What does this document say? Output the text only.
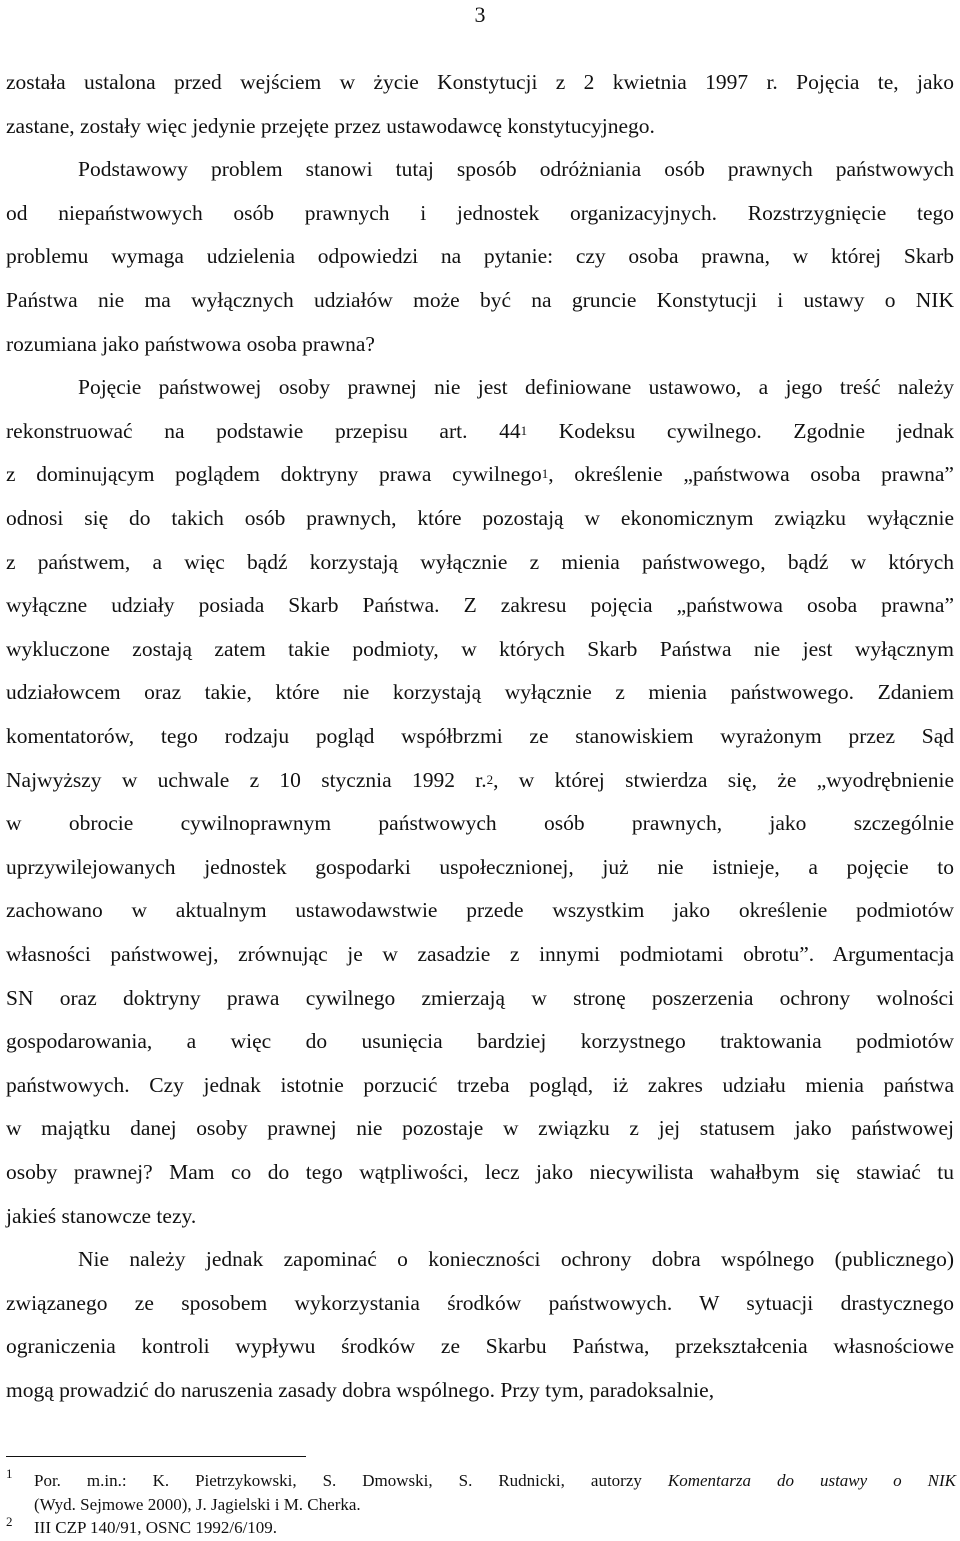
3
została ustalona przed wejściem w życie Konstytucji z 2 kwietnia 1997 r. Pojęcia te, jako
zastane, zostały więc jedynie przejęte przez ustawodawcę konstytucyjnego.
Podstawowy problem stanowi tutaj sposób odróżniania osób prawnych państwowych
od niepaństwowych osób prawnych i jednostek organizacyjnych. Rozstrzygnięcie tego
problemu wymaga udzielenia odpowiedzi na pytanie: czy osoba prawna, w której Skarb
Państwa nie ma wyłącznych udziałów może być na gruncie Konstytucji i ustawy o NIK
rozumiana jako państwowa osoba prawna?
Pojęcie państwowej osoby prawnej nie jest definiowane ustawowo, a jego treść należy
rekonstruować na podstawie przepisu art. $44^1$ Kodeksu cywilnego. Zgodnie jednak
z dominującym poglądem doktryny prawa cywilnego$^1$, określenie „państwowa osoba prawna”
odnosi się do takich osób prawnych, które pozostają w ekonomicznym związku wyłącznie
z państwem, a więc bądź korzystają wyłącznie z mienia państwowego, bądź w których
wyłączne udziały posiada Skarb Państwa. Z zakresu pojęcia „państwowa osoba prawna”
wykluczone zostają zatem takie podmioty, w których Skarb Państwa nie jest wyłącznym
udziałowcem oraz takie, które nie korzystają wyłącznie z mienia państwowego. Zdaniem
komentatorów, tego rodzaju pogląd współbrzmi ze stanowiskiem wyrażonym przez Sąd
Najwyższy w uchwale z 10 stycznia 1992 r.$^2$, w której stwierdza się, że „wyodrębnienie
w obrocie cywilnoprawnym państwowych osób prawnych, jako szczególnie
uprzywilejowanych jednostek gospodarki uspołecznionej, już nie istnieje, a pojęcie to
zachowano w aktualnym ustawodawstwie przede wszystkim jako określenie podmiotów
własności państwowej, zrównując je w zasadzie z innymi podmiotami obrotu”. Argumentacja
SN oraz doktryny prawa cywilnego zmierzają w stronę poszerzenia ochrony wolności
gospodarowania, a więc do usunięcia bardziej korzystnego traktowania podmiotów
państwowych. Czy jednak istotnie porzucić trzeba pogląd, iż zakres udziału mienia państwa
w majątku danej osoby prawnej nie pozostaje w związku z jej statusem jako państwowej
osoby prawnej? Mam co do tego wątpliwości, lecz jako niecywilista wahałbym się stawiać tu
jakieś stanowcze tezy.
Nie należy jednak zapominać o konieczności ochrony dobra wspólnego (publicznego)
związanego ze sposobem wykorzystania środków państwowych. W sytuacji drastycznego
ograniczenia kontroli wypływu środków ze Skarbu Państwa, przekształcenia własnościowe
mogą prowadzić do naruszenia zasady dobra wspólnego. Przy tym, paradoksalnie,
1 Por. m.in.: K. Pietrzykowski, S. Dmowski, S. Rudnicki, autorzy Komentarza do ustawy o NIK
(Wyd. Sejmowe 2000), J. Jagielski i M. Cherka.
2 III CZP 140/91, OSNC 1992/6/109.
